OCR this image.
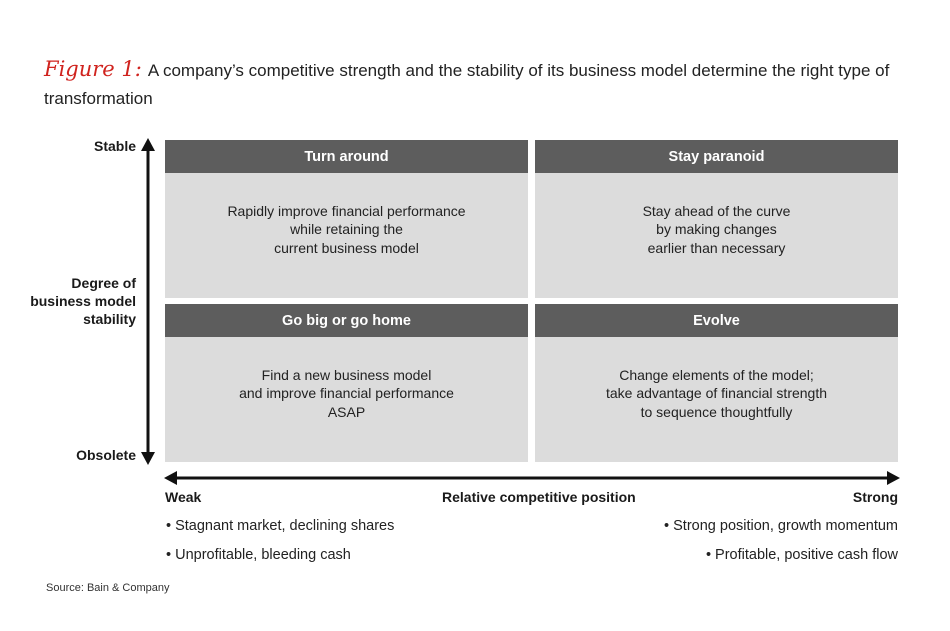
Figure 1: A company’s competitive strength and the stability of its business model determine the right type of transformation
Stable
Degree of
business model
stability
Obsolete
Turn around
Rapidly improve financial performance
while retaining the
current business model
Stay paranoid
Stay ahead of the curve
by making changes
earlier than necessary
Go big or go home
Find a new business model
and improve financial performance
ASAP
Evolve
Change elements of the model;
take advantage of financial strength
to sequence thoughtfully
Weak	Relative competitive position	Strong
• Stagnant market, declining shares
• Unprofitable, bleeding cash
• Strong position, growth momentum
• Profitable, positive cash flow
Source: Bain & Company
